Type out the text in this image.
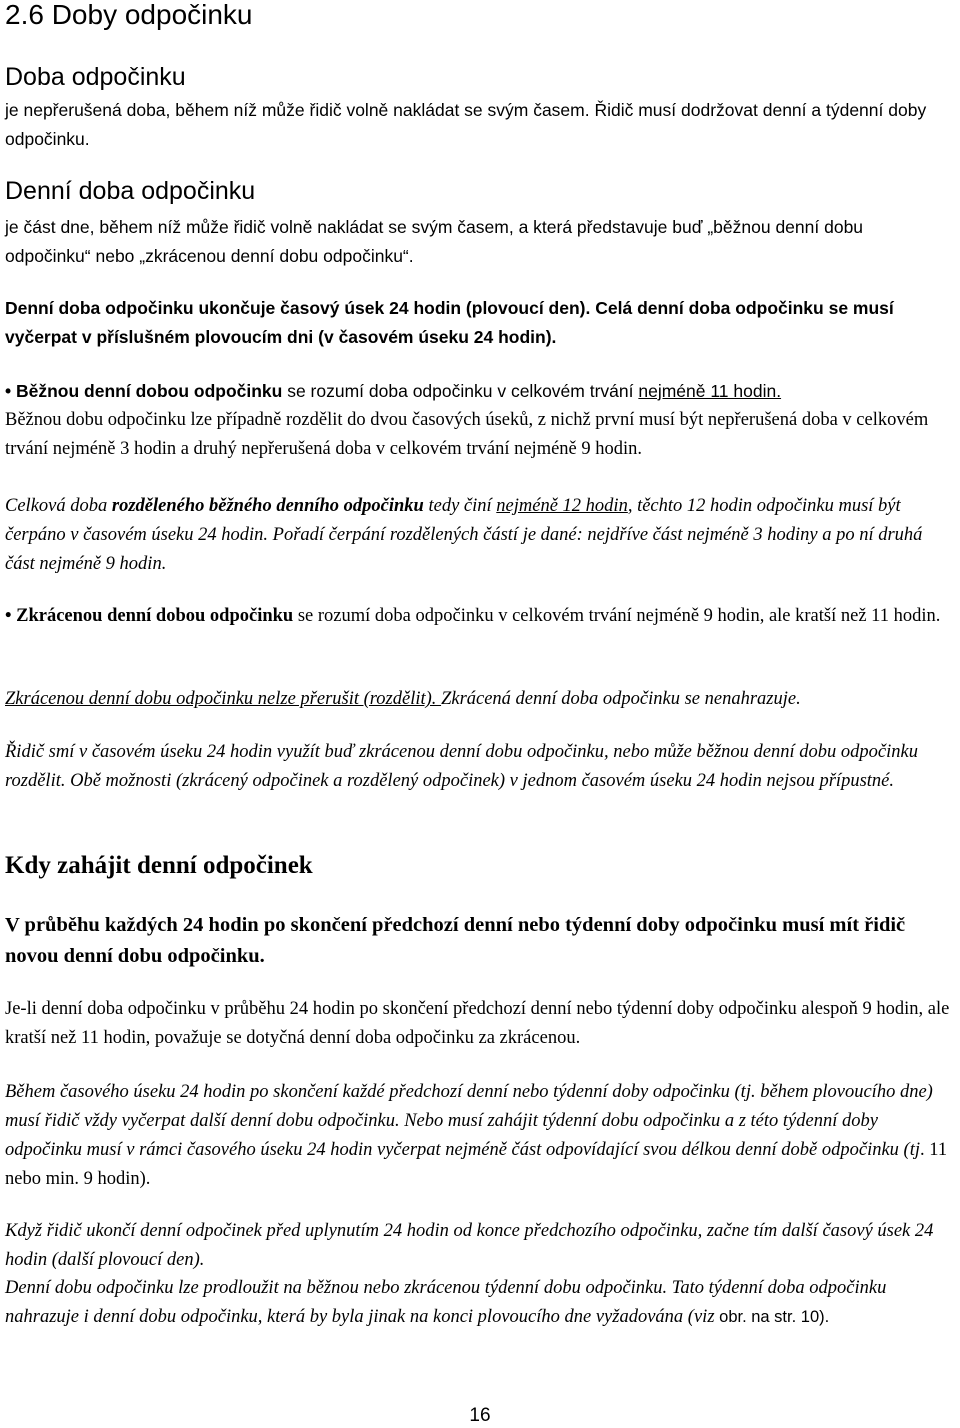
2.6 Doby odpočinku
Doba odpočinku
je nepřerušená doba, během níž může řidič volně nakládat se svým časem. Řidič musí dodržovat denní a týdenní doby odpočinku.
Denní doba odpočinku
je část dne, během níž může řidič volně nakládat se svým časem, a která představuje buď „běžnou denní dobu odpočinku“ nebo „zkrácenou denní dobu odpočinku“.
Denní doba odpočinku ukončuje časový úsek 24 hodin (plovoucí den). Celá denní doba odpočinku se musí vyčerpat v příslušném plovoucím dni (v časovém úseku 24 hodin).
• Běžnou denní dobou odpočinku se rozumí doba odpočinku v celkovém trvání nejméně 11 hodin.
Běžnou dobu odpočinku lze případně rozdělit do dvou časových úseků, z nichž první musí být nepřerušená doba v celkovém trvání nejméně 3 hodin a druhý nepřerušená doba v celkovém trvání nejméně 9 hodin.
Celková doba rozděleného běžného denního odpočinku tedy činí nejméně 12 hodin, těchto 12 hodin odpočinku musí být čerpáno v časovém úseku 24 hodin. Pořadí čerpání rozdělených částí je dané: nejdříve část nejméně 3 hodiny a po ní druhá část nejméně 9 hodin.
• Zkrácenou denní dobou odpočinku se rozumí doba odpočinku v celkovém trvání nejméně 9 hodin, ale kratší než 11 hodin.
Zkrácenou denní dobu odpočinku nelze přerušit (rozdělit). Zkrácená denní doba odpočinku se nenahrazuje.
Řidič smí v časovém úseku 24 hodin využít buď zkrácenou denní dobu odpočinku, nebo může běžnou denní dobu odpočinku rozdělit. Obě možnosti (zkrácený odpočinek a rozdělený odpočinek) v jednom časovém úseku 24 hodin nejsou přípustné.
Kdy zahájit denní odpočinek
V průběhu každých 24 hodin po skončení předchozí denní nebo týdenní doby odpočinku musí mít řidič novou denní dobu odpočinku.
Je-li denní doba odpočinku v průběhu 24 hodin po skončení předchozí denní nebo týdenní doby odpočinku alespoň 9 hodin, ale kratší než 11 hodin, považuje se dotyčná denní doba odpočinku za zkrácenou.
Během časového úseku 24 hodin po skončení každé předchozí denní nebo týdenní doby odpočinku (tj. během plovoucího dne) musí řidič vždy vyčerpat další denní dobu odpočinku. Nebo musí zahájit týdenní dobu odpočinku a z této týdenní doby odpočinku musí v rámci časového úseku 24 hodin vyčerpat nejméně část odpovídající svou délkou denní době odpočinku (tj. 11 nebo min. 9 hodin).
Když řidič ukončí denní odpočinek před uplynutím 24 hodin od konce předchozího odpočinku, začne tím další časový úsek 24 hodin (další plovoucí den).
Denní dobu odpočinku lze prodloužit na běžnou nebo zkrácenou týdenní dobu odpočinku. Tato týdenní doba odpočinku nahrazuje i denní dobu odpočinku, která by byla jinak na konci plovoucího dne vyžadována (viz obr. na str. 10).
16
